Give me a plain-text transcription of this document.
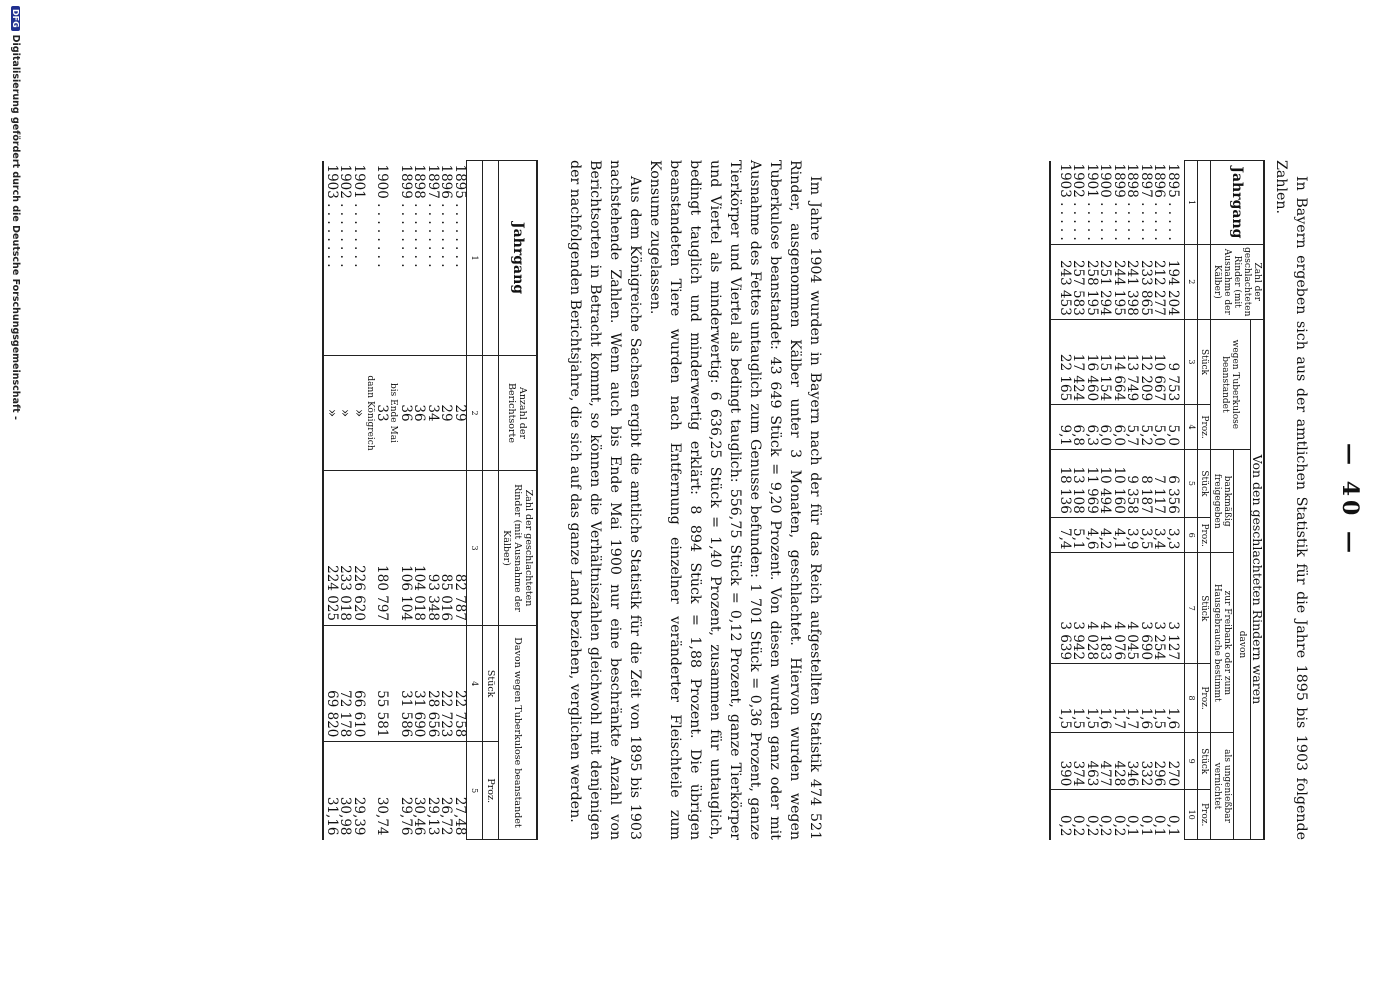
— 40 —

In Bayern ergeben sich aus der amtlichen Statistik für die Jahre 1895 bis 1903 folgende Zahlen.

Jahrgang	Zahl der geschlachteten Rinder (mit Ausnahme der Kälber)	Von den geschlachteten Rindern waren							
		wegen Tuberkulose beanstandet		davon					
				bankmäßig freigegeben		zur Freibank oder zum Hausgebrauche bestimmt		als ungenießbar vernichtet	
		Stück	Proz.	Stück	Proz.	Stück	Proz.	Stück	Proz.
1	2	3	4	5	6	7	8	9	10
1895 . . . . .	194 204	9 753	5,0	6 356	3,3	3 127	1,6	270	0,1
1896 . . . . .	212 277	10 667	5,0	7 117	3,4	3 254	1,5	296	0,1
1897 . . . . .	233 865	12 209	5,2	8 187	3,5	3 690	1,6	332	0,1
1898 . . . . .	241 398	13 749	5,7	9 358	3,9	4 045	1,7	346	0,1
1899 . . . . .	244 195	14 664	6,0	10 160	4,1	4 076	1,7	428	0,2
1900 . . . . .	251 294	15 154	6,0	10 494	4,2	4 183	1,6	477	0,2
1901 . . . . .	258 195	16 460	6,3	11 969	4,6	4 028	1,5	463	0,2
1902 . . . . .	257 583	17 424	6,8	13 108	5,1	3 942	1,5	374	0,2
1903 . . . . .	243 453	22 165	9,1	18 136	7,4	3 639	1,5	390	0,2

Im Jahre 1904 wurden in Bayern nach der für das Reich aufgestellten Statistik 474 521 Rinder, ausgenommen Kälber unter 3 Monaten, geschlachtet. Hiervon wurden wegen Tuberkulose beanstandet: 43 649 Stück = 9,20 Prozent. Von diesen wurden ganz oder mit Ausnahme des Fettes untauglich zum Genusse befunden: 1 701 Stück = 0,36 Prozent, ganze Tierkörper und Viertel als bedingt tauglich: 556,75 Stück = 0,12 Prozent, ganze Tierkörper und Viertel als minderwertig: 6 636,25 Stück = 1,40 Prozent, zusammen für untauglich, bedingt tauglich und minderwertig erklärt: 8 894 Stück = 1,88 Prozent. Die übrigen beanstandeten Tiere wurden nach Entfernung einzelner veränderter Fleischteile zum Konsume zugelassen.

Aus dem Königreiche Sachsen ergibt die amtliche Statistik für die Zeit von 1895 bis 1903 nachstehende Zahlen. Wenn auch bis Ende Mai 1900 nur eine beschränkte Anzahl von Berichtsorten in Betracht kommt, so können die Verhältniszahlen gleichwohl mit denjenigen der nachfolgenden Berichtsjahre, die sich auf das ganze Land beziehen, verglichen werden.

Jahrgang	Anzahl der Berichtsorte	Zahl der geschlachteten Rinder (mit Ausnahme der Kälber)	Davon wegen Tuberkulose beanstandet	
			Stück	Proz.
1	2	3	4	5
1895 . . . . . . . .	29	82 787	22 758	27,48
1896 . . . . . . . .	29	85 016	22 723	26,72
1897 . . . . . . . .	34	93 348	28 656	29,13
1898 . . . . . . . .	36	104 018	31 690	30,46
1899 . . . . . . . .	36	106 104	31 586	29,76
	bis Ende Mai			
1900 . . . . . . . .	33	180 797	55 581	30,74
	dann Königreich			
1901 . . . . . . . .	»	226 620	66 610	29,39
1902 . . . . . . . .	»	233 018	72 178	30,98
1903 . . . . . . . .	»	224 025	69 820	31,16
DFGDigitalisierung gefördert durch die Deutsche Forschungsgemeinschaft -
